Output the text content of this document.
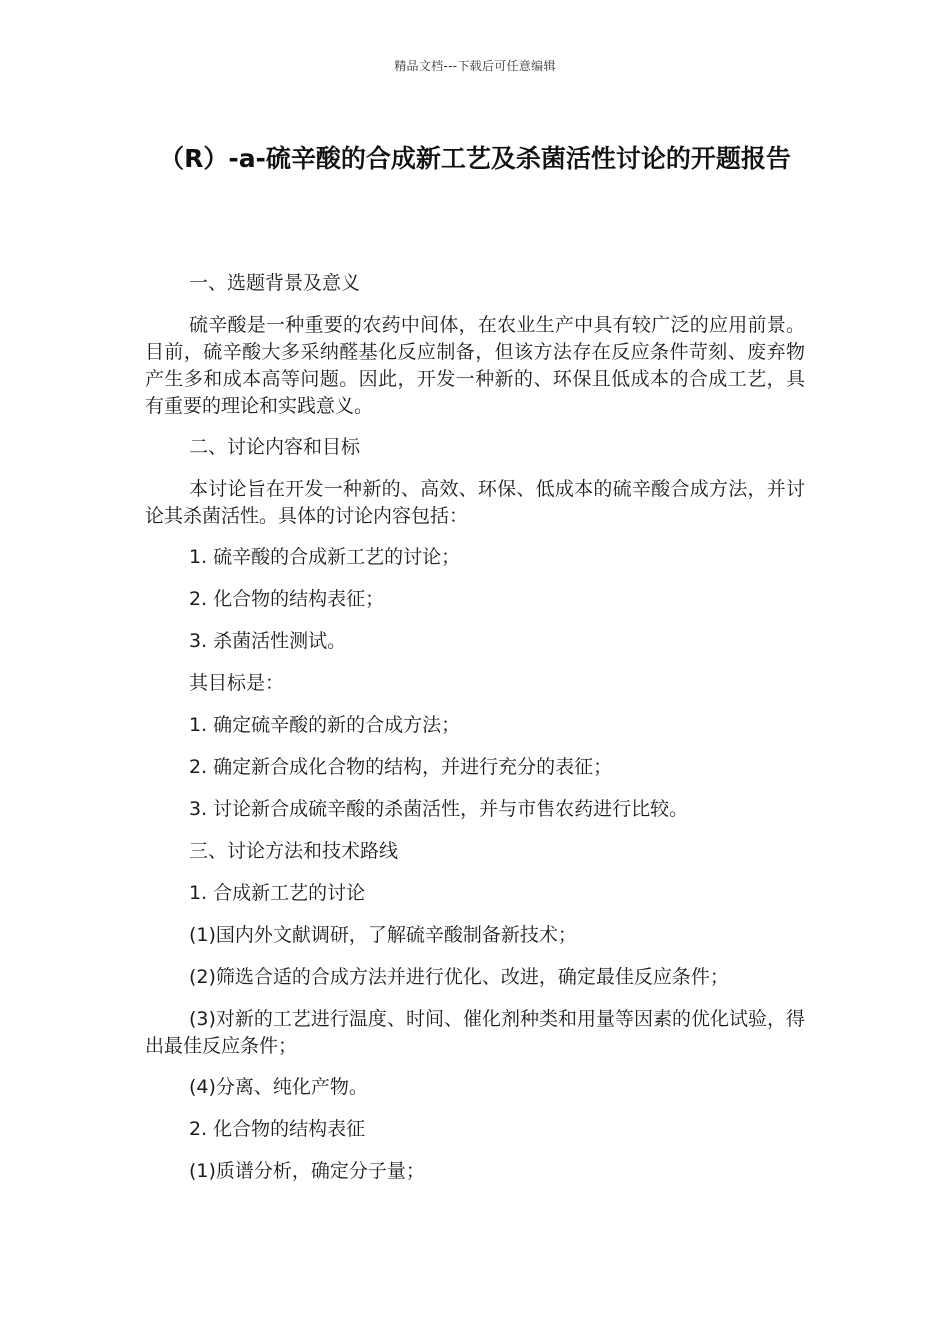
精品文档---下载后可任意编辑
（R）-a-硫辛酸的合成新工艺及杀菌活性讨论的开题报告

一、选题背景及意义

硫辛酸是一种重要的农药中间体，在农业生产中具有较广泛的应用前景。目前，硫辛酸大多采纳醛基化反应制备，但该方法存在反应条件苛刻、废弃物产生多和成本高等问题。因此，开发一种新的、环保且低成本的合成工艺，具有重要的理论和实践意义。

二、讨论内容和目标

本讨论旨在开发一种新的、高效、环保、低成本的硫辛酸合成方法，并讨论其杀菌活性。具体的讨论内容包括：

1. 硫辛酸的合成新工艺的讨论；

2. 化合物的结构表征；

3. 杀菌活性测试。

其目标是：

1. 确定硫辛酸的新的合成方法；

2. 确定新合成化合物的结构，并进行充分的表征；

3. 讨论新合成硫辛酸的杀菌活性，并与市售农药进行比较。

三、讨论方法和技术路线

1. 合成新工艺的讨论

(1)国内外文献调研，了解硫辛酸制备新技术；

(2)筛选合适的合成方法并进行优化、改进，确定最佳反应条件；

(3)对新的工艺进行温度、时间、催化剂种类和用量等因素的优化试验，得出最佳反应条件；

(4)分离、纯化产物。

2. 化合物的结构表征

(1)质谱分析，确定分子量；
